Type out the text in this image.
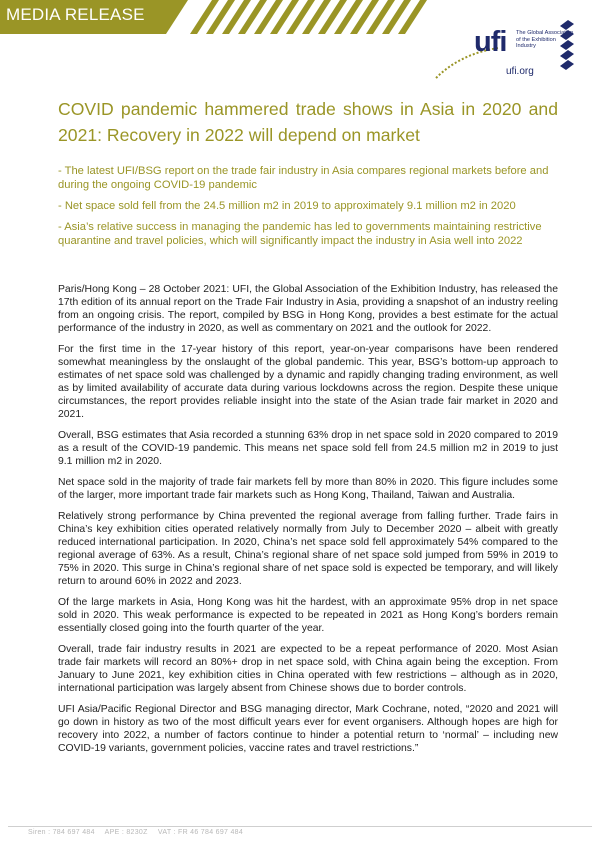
MEDIA RELEASE
ufi The Global Association of the Exhibition Industry
ufi.org
COVID pandemic hammered trade shows in Asia in 2020 and 2021: Recovery in 2022 will depend on market

- The latest UFI/BSG report on the trade fair industry in Asia compares regional markets before and during the ongoing COVID-19 pandemic

- Net space sold fell from the 24.5 million m2 in 2019 to approximately 9.1 million m2 in 2020

- Asia’s relative success in managing the pandemic has led to governments maintaining restrictive quarantine and travel policies, which will significantly impact the industry in Asia well into 2022

Paris/Hong Kong – 28 October 2021: UFI, the Global Association of the Exhibition Industry, has released the 17th edition of its annual report on the Trade Fair Industry in Asia, providing a snapshot of an industry reeling from an ongoing crisis. The report, compiled by BSG in Hong Kong, provides a best estimate for the actual performance of the industry in 2020, as well as commentary on 2021 and the outlook for 2022.

For the first time in the 17-year history of this report, year-on-year comparisons have been rendered somewhat meaningless by the onslaught of the global pandemic. This year, BSG’s bottom-up approach to estimates of net space sold was challenged by a dynamic and rapidly changing trading environment, as well as by limited availability of accurate data during various lockdowns across the region. Despite these unique circumstances, the report provides reliable insight into the state of the Asian trade fair market in 2020 and 2021.

Overall, BSG estimates that Asia recorded a stunning 63% drop in net space sold in 2020 compared to 2019 as a result of the COVID-19 pandemic. This means net space sold fell from 24.5 million m2 in 2019 to just 9.1 million m2 in 2020.

Net space sold in the majority of trade fair markets fell by more than 80% in 2020. This figure includes some of the larger, more important trade fair markets such as Hong Kong, Thailand, Taiwan and Australia.

Relatively strong performance by China prevented the regional average from falling further. Trade fairs in China’s key exhibition cities operated relatively normally from July to December 2020 – albeit with greatly reduced international participation. In 2020, China’s net space sold fell approximately 54% compared to the regional average of 63%. As a result, China’s regional share of net space sold jumped from 59% in 2019 to 75% in 2020. This surge in China’s regional share of net space sold is expected be temporary, and will likely return to around 60% in 2022 and 2023.

Of the large markets in Asia, Hong Kong was hit the hardest, with an approximate 95% drop in net space sold in 2020. This weak performance is expected to be repeated in 2021 as Hong Kong’s borders remain essentially closed going into the fourth quarter of the year.

Overall, trade fair industry results in 2021 are expected to be a repeat performance of 2020. Most Asian trade fair markets will record an 80%+ drop in net space sold, with China again being the exception. From January to June 2021, key exhibition cities in China operated with few restrictions – although as in 2020, international participation was largely absent from Chinese shows due to border controls.

UFI Asia/Pacific Regional Director and BSG managing director, Mark Cochrane, noted, “2020 and 2021 will go down in history as two of the most difficult years ever for event organisers. Although hopes are high for recovery into 2022, a number of factors continue to hinder a potential return to ‘normal’ – including new COVID-19 variants, government policies, vaccine rates and travel restrictions.”

Siren : 784 697 484 APE : 8230Z VAT : FR 46 784 697 484
